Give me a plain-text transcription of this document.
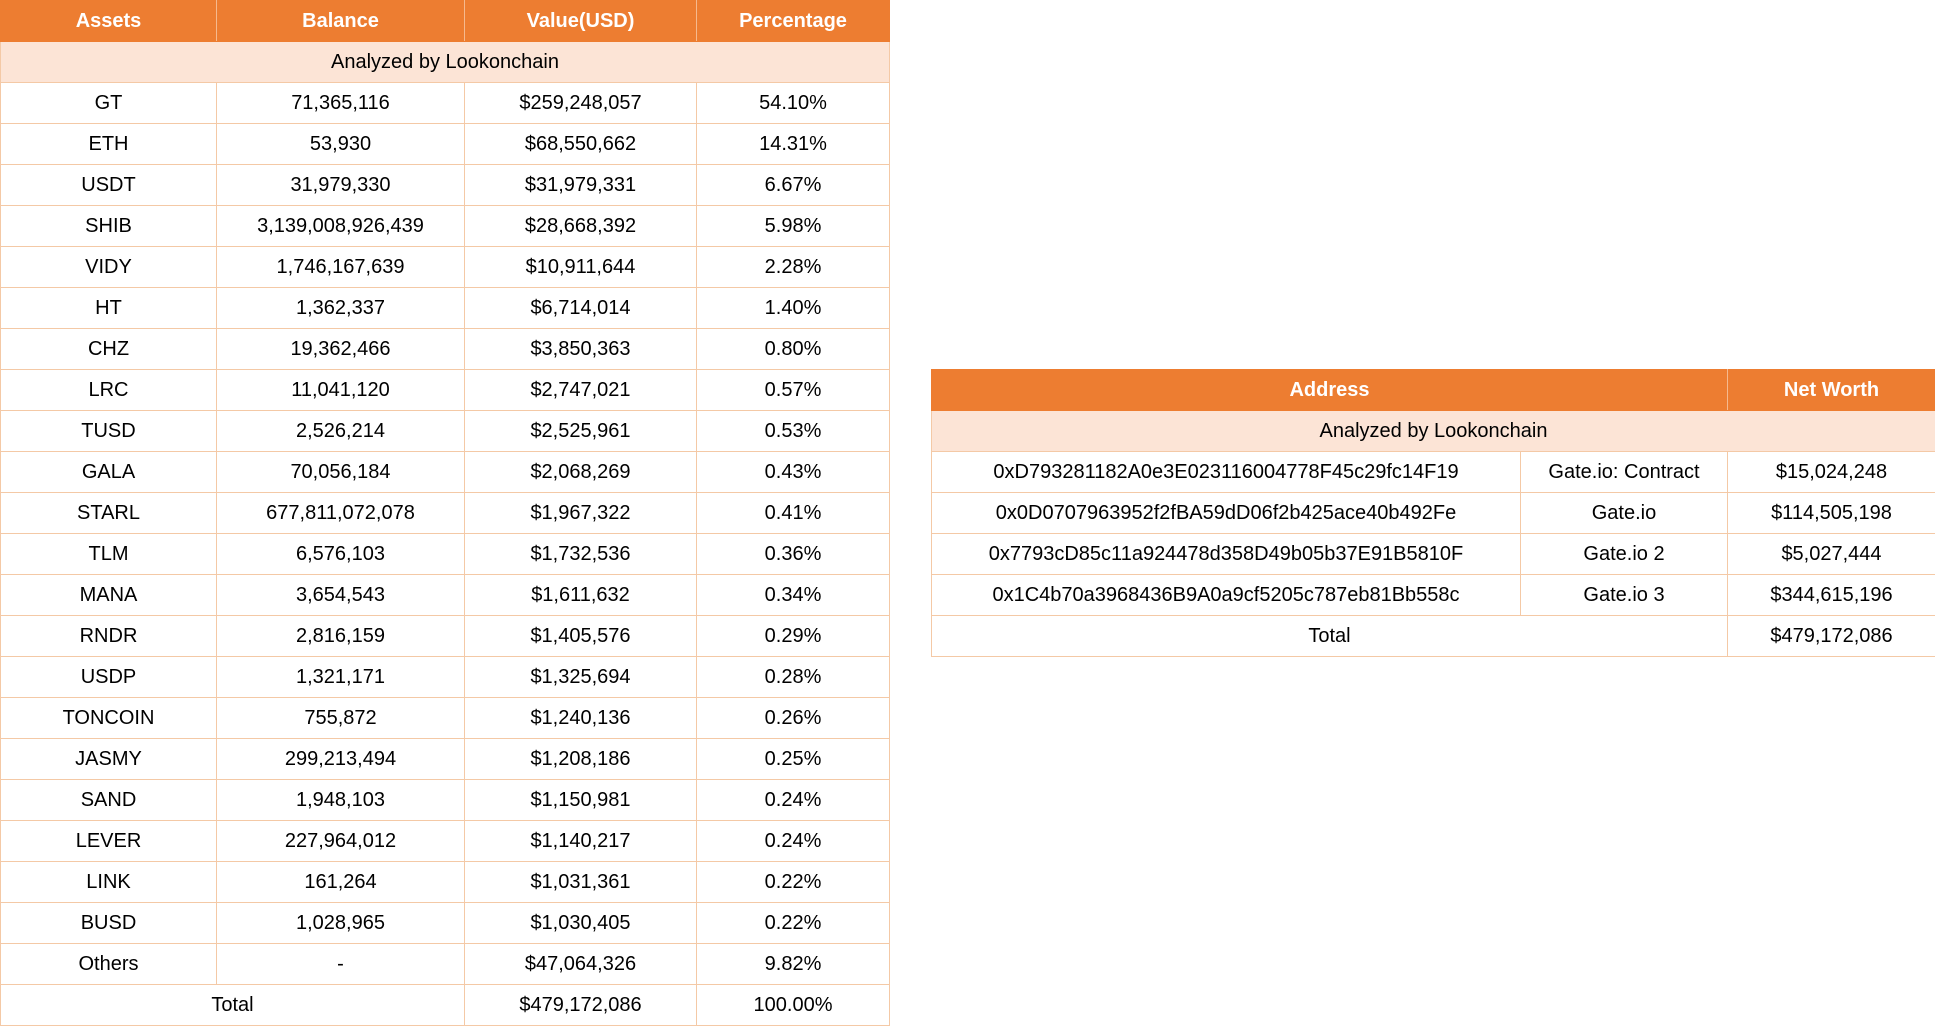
Assets	Balance	Value(USD)	Percentage
Analyzed by Lookonchain			
GT	71,365,116	$259,248,057	54.10%
ETH	53,930	$68,550,662	14.31%
USDT	31,979,330	$31,979,331	6.67%
SHIB	3,139,008,926,439	$28,668,392	5.98%
VIDY	1,746,167,639	$10,911,644	2.28%
HT	1,362,337	$6,714,014	1.40%
CHZ	19,362,466	$3,850,363	0.80%
LRC	11,041,120	$2,747,021	0.57%
TUSD	2,526,214	$2,525,961	0.53%
GALA	70,056,184	$2,068,269	0.43%
STARL	677,811,072,078	$1,967,322	0.41%
TLM	6,576,103	$1,732,536	0.36%
MANA	3,654,543	$1,611,632	0.34%
RNDR	2,816,159	$1,405,576	0.29%
USDP	1,321,171	$1,325,694	0.28%
TONCOIN	755,872	$1,240,136	0.26%
JASMY	299,213,494	$1,208,186	0.25%
SAND	1,948,103	$1,150,981	0.24%
LEVER	227,964,012	$1,140,217	0.24%
LINK	161,264	$1,031,361	0.22%
BUSD	1,028,965	$1,030,405	0.22%
Others	-	$47,064,326	9.82%
Total		$479,172,086	100.00%
Address		Net Worth
Analyzed by Lookonchain		
0xD793281182A0e3E023116004778F45c29fc14F19	Gate.io: Contract	$15,024,248
0x0D0707963952f2fBA59dD06f2b425ace40b492Fe	Gate.io	$114,505,198
0x7793cD85c11a924478d358D49b05b37E91B5810F	Gate.io 2	$5,027,444
0x1C4b70a3968436B9A0a9cf5205c787eb81Bb558c	Gate.io 3	$344,615,196
Total		$479,172,086
